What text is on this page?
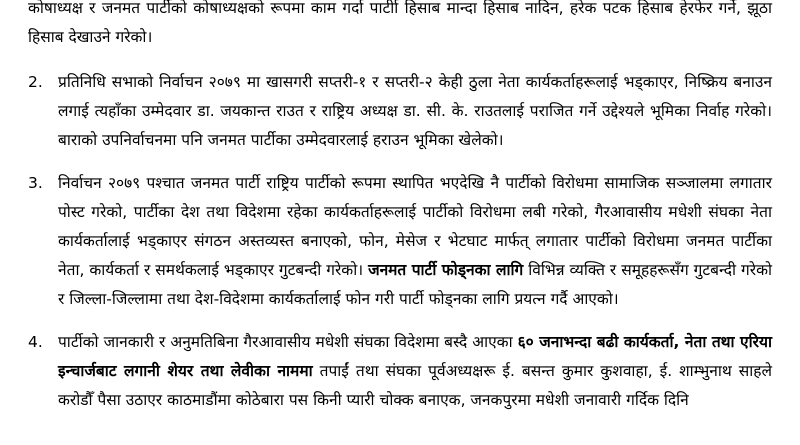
कोषाध्यक्ष र जनमत पार्टीको कोषाध्यक्षको रूपमा काम गर्दा पार्टीा हिसाब मान्दा हिसाब नादिन, हरेक पटक हिसाब हेरफेर गर्ने, झूठा हिसाब देखाउने गरेको।
2. प्रतिनिधि सभाको निर्वाचन २०७९ मा खासगरी सप्तरी-१ र सप्तरी-२ केही ठुला नेता कार्यकर्ताहरूलाई भड्काएर, निष्क्रिय बनाउन लगाई त्यहाँका उम्मेदवार डा. जयकान्त राउत र राष्ट्रिय अध्यक्ष डा. सी. के. राउतलाई पराजित गर्ने उद्देश्यले भूमिका निर्वाह गरेको। बाराको उपनिर्वाचनमा पनि जनमत पार्टीका उम्मेदवारलाई हराउन भूमिका खेलेको।
3. निर्वाचन २०७९ पश्चात जनमत पार्टी राष्ट्रिय पार्टीको रूपमा स्थापित भएदेखि नै पार्टीको विरोधमा सामाजिक सञ्जालमा लगातार पोस्ट गरेको, पार्टीका देश तथा विदेशमा रहेका कार्यकर्ताहरूलाई पार्टीको विरोधमा लबी गरेको, गैरआवासीय मधेशी संघका नेता कार्यकर्तालाई भड्काएर संगठन अस्तव्यस्त बनाएको, फोन, मेसेज र भेटघाट मार्फत् लगातार पार्टीको विरोधमा जनमत पार्टीका नेता, कार्यकर्ता र समर्थकलाई भड्काएर गुटबन्दी गरेको। जनमत पार्टी फोड्नका लागि विभिन्न व्यक्ति र समूहहरूसँग गुटबन्दी गरेको र जिल्ला-जिल्लामा तथा देश-विदेशमा कार्यकर्तालाई फोन गरी पार्टी फोड्नका लागि प्रयत्न गर्दै आएको।
4. पार्टीको जानकारी र अनुमतिबिना गैरआवासीय मधेशी संघका विदेशमा बस्दै आएका ६० जनाभन्दा बढी कार्यकर्ता, नेता तथा एरिया इन्चार्जबाट लगानी शेयर तथा लेवीका नाममा तपाईं तथा संघका पूर्वअध्यक्षरू ई. बसन्त कुमार कुशवाहा, ई. शाम्भुनाथ साहले करोडौँ पैसा उठाएर काठमाडौंमा कोठेबारा पस किनी प्यारी चोक्क बनाएक, जनकपुरमा मधेशी जनावारी गर्दिक दिनि
